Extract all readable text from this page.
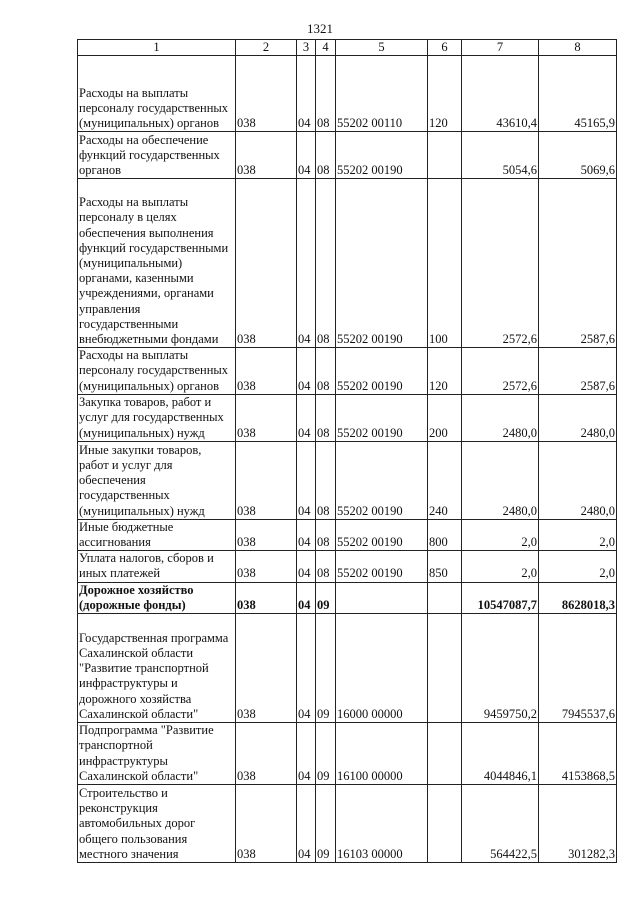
1321
1	2	3	4	5	6	7	8
Расходы на выплаты персоналу государственных (муниципальных) органов	038	04	08	55202 00110	120	43610,4	45165,9
Расходы на обеспечение функций государственных органов	038	04	08	55202 00190		5054,6	5069,6
Расходы на выплаты персоналу в целях обеспечения выполнения функций государственными (муниципальными) органами, казенными учреждениями, органами управления государственными внебюджетными фондами	038	04	08	55202 00190	100	2572,6	2587,6
Расходы на выплаты персоналу государственных (муниципальных) органов	038	04	08	55202 00190	120	2572,6	2587,6
Закупка товаров, работ и услуг для государственных (муниципальных) нужд	038	04	08	55202 00190	200	2480,0	2480,0
Иные закупки товаров, работ и услуг для обеспечения государственных (муниципальных) нужд	038	04	08	55202 00190	240	2480,0	2480,0
Иные бюджетные ассигнования	038	04	08	55202 00190	800	2,0	2,0
Уплата налогов, сборов и иных платежей	038	04	08	55202 00190	850	2,0	2,0
Дорожное хозяйство (дорожные фонды)	038	04	09			10547087,7	8628018,3
Государственная программа Сахалинской области "Развитие транспортной инфраструктуры и дорожного хозяйства Сахалинской области"	038	04	09	16000 00000		9459750,2	7945537,6
Подпрограмма "Развитие транспортной инфраструктуры Сахалинской области"	038	04	09	16100 00000		4044846,1	4153868,5
Строительство и реконструкция автомобильных дорог общего пользования местного значения	038	04	09	16103 00000		564422,5	301282,3
